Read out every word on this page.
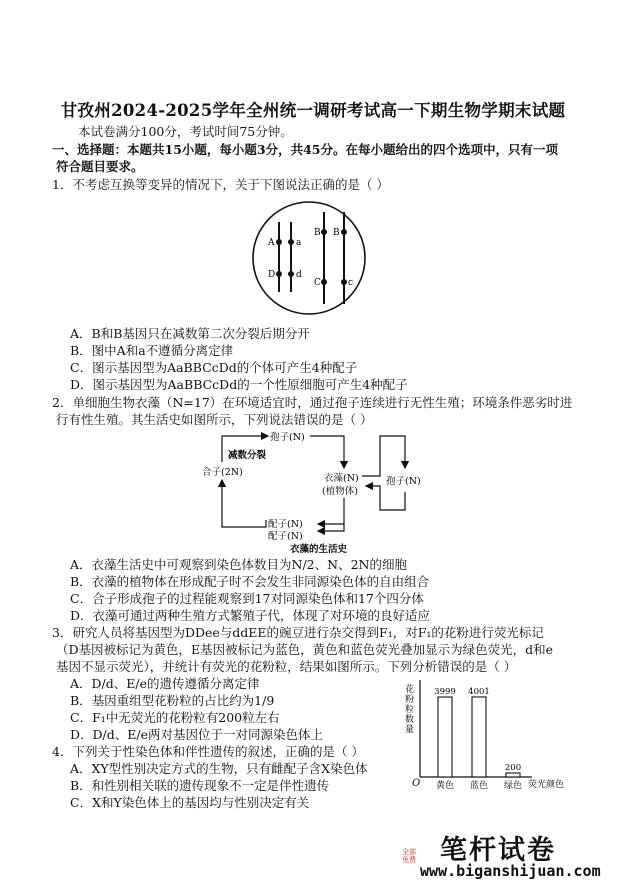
甘孜州2024-2025学年全州统一调研考试高一下期生物学期末试题
本试卷满分100分，考试时间75分钟。
一、选择题：本题共15小题，每小题3分，共45分。在每小题给出的四个选项中，只有一项
符合题目要求。
1．不考虑互换等变异的情况下，关于下图说法正确的是（ ）
A a
D d
B B
C	c
A．B和B基因只在减数第二次分裂后期分开
B．图中A和a不遵循分离定律
C．图示基因型为AaBBCcDd的个体可产生4种配子
D．图示基因型为AaBBCcDd的一个性原细胞可产生4种配子
2．单细胞生物衣藻（N=17）在环境适宜时，通过孢子连续进行无性生殖；环境条件恶劣时进
行有性生殖。其生活史如图所示，下列说法错误的是（ ）
孢子(N)
减数分裂
合子(2N)
衣藻(N)
(植物体)
孢子(N)
配子(N)
配子(N)
衣藻的生活史
A．衣藻生活史中可观察到染色体数目为N/2、N、2N的细胞
B．衣藻的植物体在形成配子时不会发生非同源染色体的自由组合
C．合子形成孢子的过程能观察到17对同源染色体和17个四分体
D．衣藻可通过两种生殖方式繁殖子代，体现了对环境的良好适应
3．研究人员将基因型为DDee与ddEE的豌豆进行杂交得到F₁，对F₁的花粉进行荧光标记
（D基因被标记为黄色，E基因被标记为蓝色，黄色和蓝色荧光叠加显示为绿色荧光，d和e
基因不显示荧光），并统计有荧光的花粉粒，结果如图所示。下列分析错误的是（ ）
A．D/d、E/e的遗传遵循分离定律
B．基因重组型花粉粒的占比约为1/9
C．F₁中无荧光的花粉粒有200粒左右
D．D/d、E/e两对基因位于一对同源染色体上
O
花粉粒数量
荧光颜色
3999
黄色
4001
蓝色
200
绿色
4．下列关于性染色体和伴性遗传的叙述，正确的是（ ）
A．XY型性别决定方式的生物，只有雌配子含X染色体
B．和性别相关联的遗传现象不一定是伴性遗传
C．X和Y染色体上的基因均与性别决定有关
笔杆试卷
全部免费
www.biganshijuan.com
